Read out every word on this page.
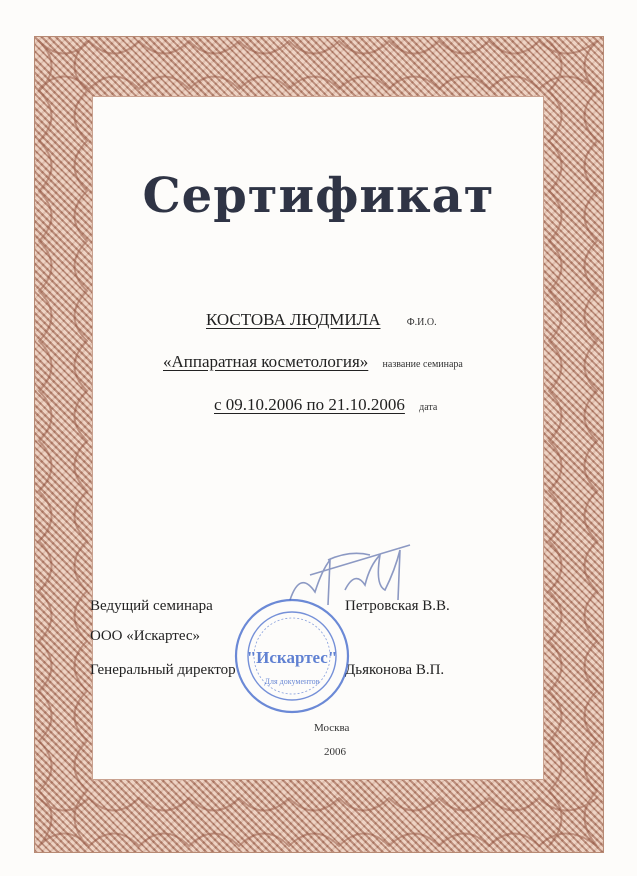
Сертификат
КОСТОВА ЛЮДМИЛА	Ф.И.О.
«Аппаратная косметология» название семинара
с 09.10.2006 по 21.10.2006 дата
Ведущий семинара	Петровская В.В.
ООО «Искартес»
Генеральный директор	Дьяконова В.П.
"Искартес"
Для документов
Москва
2006
